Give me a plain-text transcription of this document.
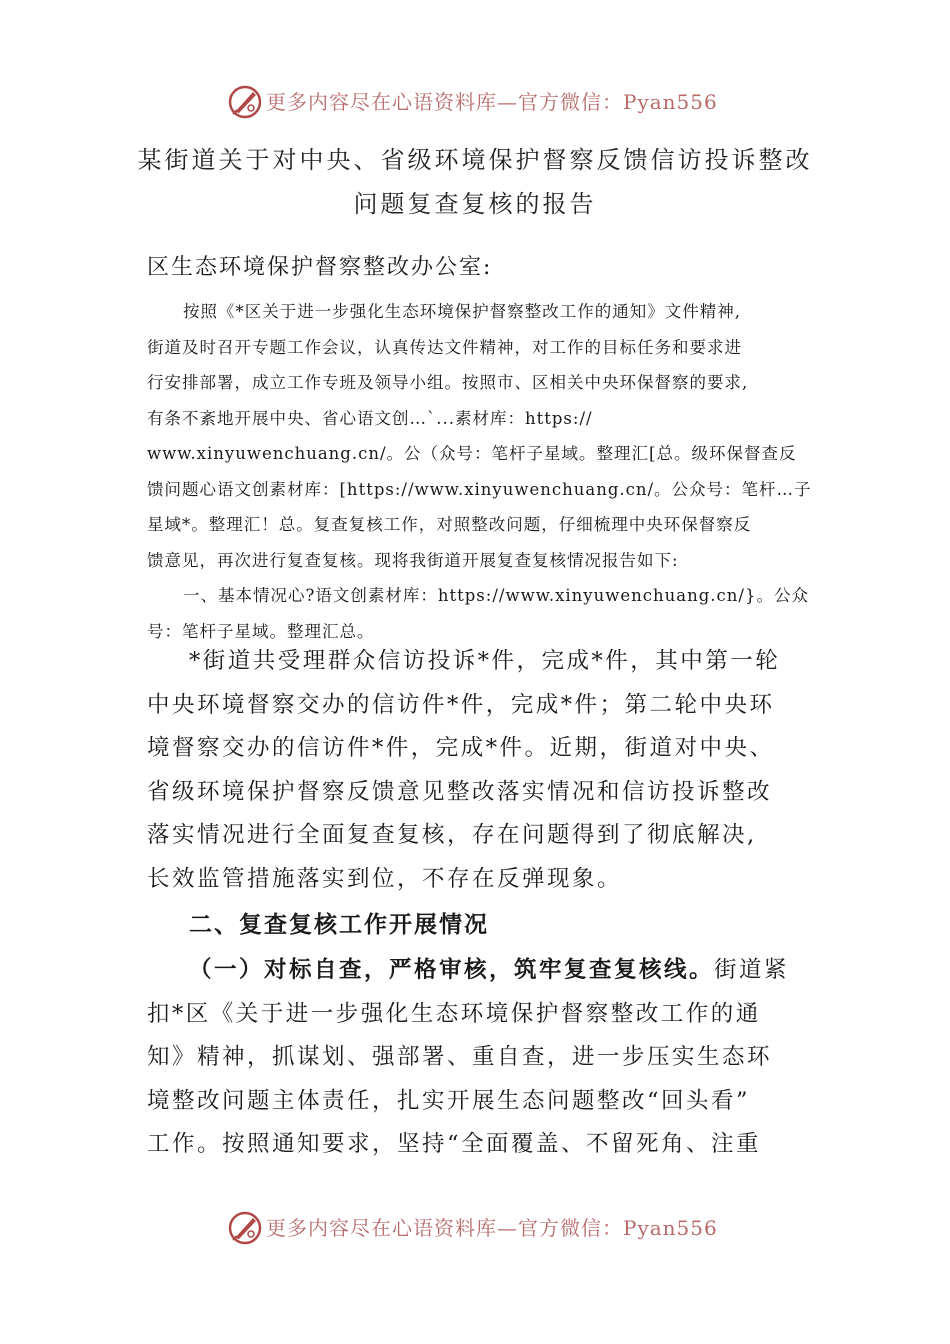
更多内容尽在心语资料库—官方微信：Pyan556
某街道关于对中央、省级环境保护督察反馈信访投诉整改
问题复查复核的报告
区生态环境保护督察整改办公室:
按照《*区关于进一步强化生态环境保护督察整改工作的通知》文件精神,
街道及时召开专题工作会议，认真传达文件精神，对工作的目标任务和要求进
行安排部署，成立工作专班及领导小组。按照市、区相关中央环保督察的要求,
有条不紊地开展中央、省心语文创…`...素材库：https://
www.xinyuwenchuang.cn/。公（众号：笔杆子星域。整理汇[总。级环保督查反
馈问题心语文创素材库：[https://www.xinyuwenchuang.cn/。公众号：笔杆…子
星域*。整理汇！总。复查复核工作，对照整改问题，仔细梳理中央环保督察反
馈意见，再次进行复查复核。现将我街道开展复查复核情况报告如下:
一、基本情况心?语文创素材库：https://www.xinyuwenchuang.cn/}。公众
号：笔杆子星域。整理汇总。
*街道共受理群众信访投诉*件，完成*件，其中第一轮
中央环境督察交办的信访件*件，完成*件；第二轮中央环
境督察交办的信访件*件，完成*件。近期，街道对中央、
省级环境保护督察反馈意见整改落实情况和信访投诉整改
落实情况进行全面复查复核，存在问题得到了彻底解决,
长效监管措施落实到位，不存在反弹现象。
二、复查复核工作开展情况
（一）对标自查，严格审核，筑牢复查复核线。街道紧
扣*区《关于进一步强化生态环境保护督察整改工作的通
知》精神，抓谋划、强部署、重自查，进一步压实生态环
境整改问题主体责任，扎实开展生态问题整改“回头看”
工作。按照通知要求，坚持“全面覆盖、不留死角、注重
更多内容尽在心语资料库—官方微信：Pyan556
